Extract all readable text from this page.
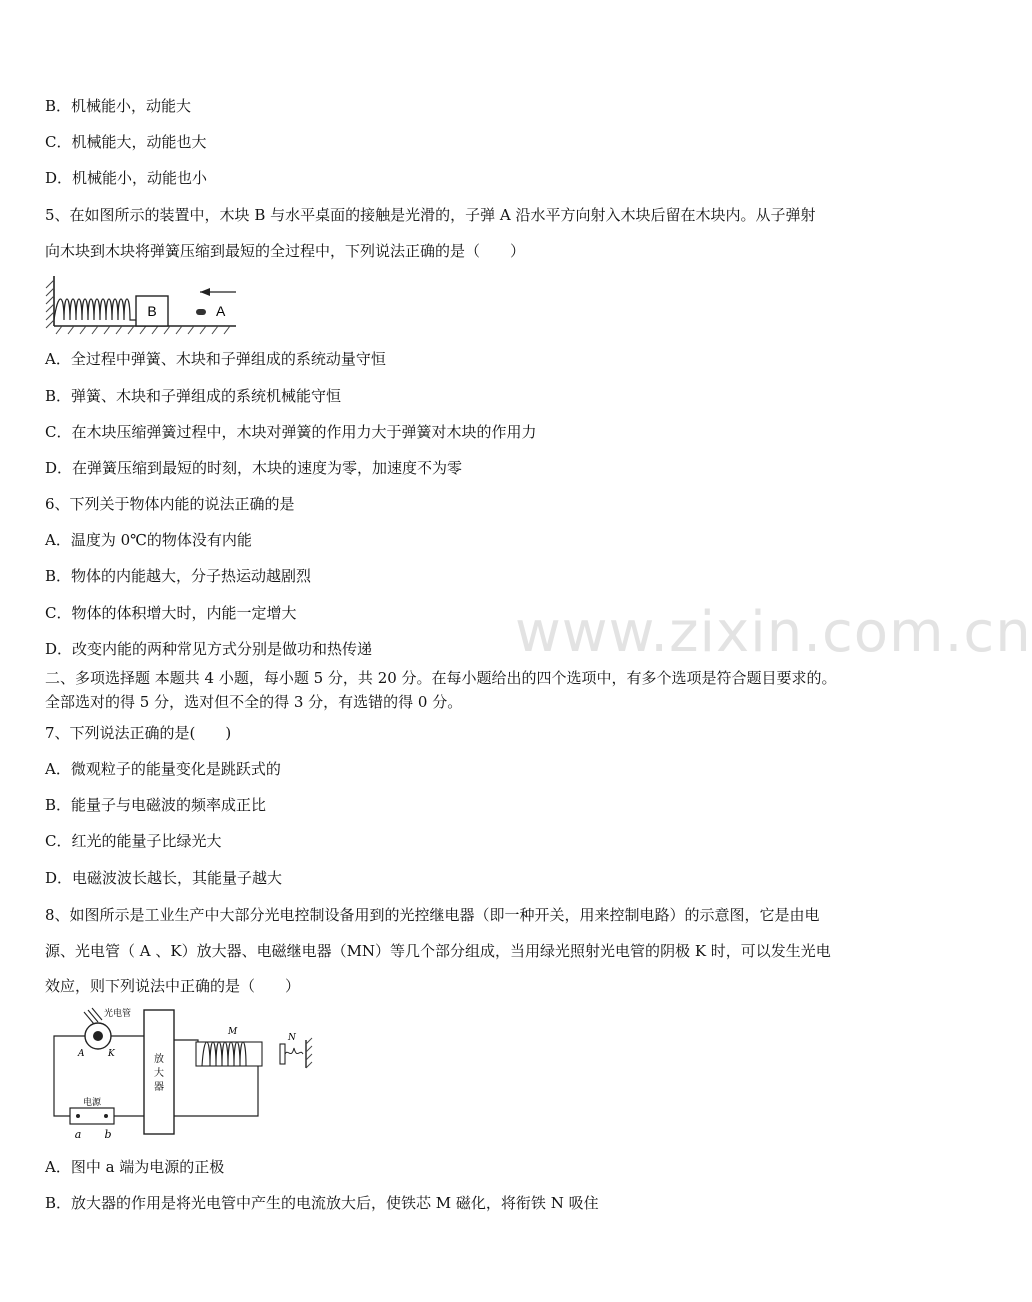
www.zixin.com.cn
B．机械能小，动能大
C．机械能大，动能也大
D．机械能小，动能也小
5、在如图所示的装置中，木块 B 与水平桌面的接触是光滑的，子弹 A 沿水平方向射入木块后留在木块内。从子弹射
向木块到木块将弹簧压缩到最短的全过程中，下列说法正确的是（　　）
B	A
A．全过程中弹簧、木块和子弹组成的系统动量守恒
B．弹簧、木块和子弹组成的系统机械能守恒
C．在木块压缩弹簧过程中，木块对弹簧的作用力大于弹簧对木块的作用力
D．在弹簧压缩到最短的时刻，木块的速度为零，加速度不为零
6、下列关于物体内能的说法正确的是
A．温度为 0℃的物体没有内能
B．物体的内能越大，分子热运动越剧烈
C．物体的体积增大时，内能一定增大
D．改变内能的两种常见方式分别是做功和热传递
二、多项选择题 本题共 4 小题，每小题 5 分，共 20 分。在每小题给出的四个选项中，有多个选项是符合题目要求的。
全部选对的得 5 分，选对但不全的得 3 分，有选错的得 0 分。
7、下列说法正确的是(　　)
A．微观粒子的能量变化是跳跃式的
B．能量子与电磁波的频率成正比
C．红光的能量子比绿光大
D．电磁波波长越长，其能量子越大
8、如图所示是工业生产中大部分光电控制设备用到的光控继电器（即一种开关，用来控制电路）的示意图，它是由电
源、光电管（ A 、K）放大器、电磁继电器（MN）等几个部分组成，当用绿光照射光电管的阴极 K 时，可以发生光电
效应，则下列说法中正确的是（　　）
光电管
A	K
电源
a b
放
大
器
M
N
A．图中 a 端为电源的正极
B．放大器的作用是将光电管中产生的电流放大后，使铁芯 M 磁化，将衔铁 N 吸住
